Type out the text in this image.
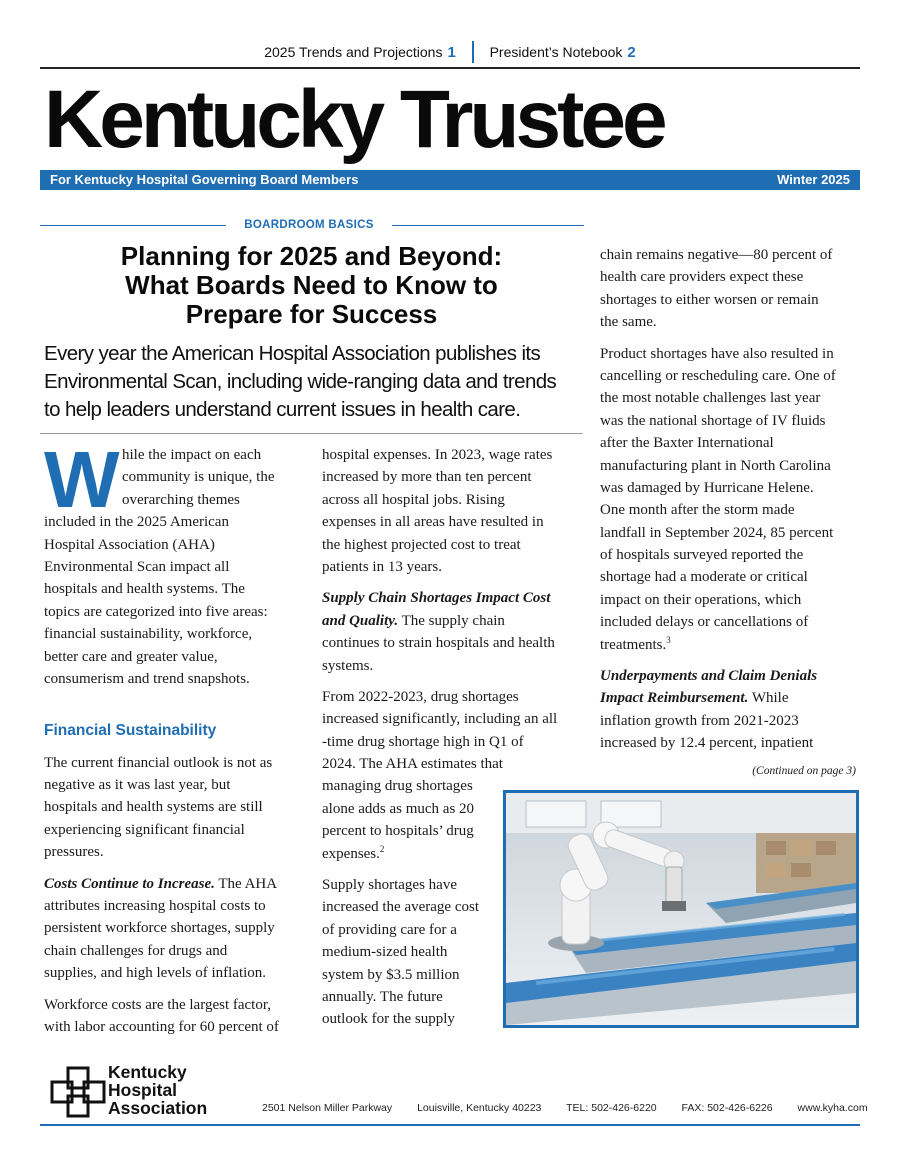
2025 Trends and Projections 1 President’s Notebook 2
Kentucky Trustee
For Kentucky Hospital Governing Board Members	Winter 2025
BOARDROOM BASICS
Planning for 2025 and Beyond:
What Boards Need to Know to
Prepare for Success
Every year the American Hospital Association publishes its
Environmental Scan, including wide-ranging data and trends
to help leaders understand current issues in health care.
W hile the impact on each
community is unique, the
overarching themes
included in the 2025 American
Hospital Association (AHA)
Environmental Scan impact all
hospitals and health systems. The
topics are categorized into five areas:
financial sustainability, workforce,
better care and greater value,
consumerism and trend snapshots.
Financial Sustainability
The current financial outlook is not as
negative as it was last year, but
hospitals and health systems are still
experiencing significant financial
pressures.
Costs Continue to Increase. The AHA
attributes increasing hospital costs to
persistent workforce shortages, supply
chain challenges for drugs and
supplies, and high levels of inflation.
Workforce costs are the largest factor,
with labor accounting for 60 percent of
hospital expenses. In 2023, wage rates
increased by more than ten percent
across all hospital jobs. Rising
expenses in all areas have resulted in
the highest projected cost to treat
patients in 13 years.
Supply Chain Shortages Impact Cost
and Quality. The supply chain
continues to strain hospitals and health
systems.
From 2022-2023, drug shortages
increased significantly, including an all
-time drug shortage high in Q1 of
2024. The AHA estimates that
managing drug shortages
alone adds as much as 20
percent to hospitals’ drug
expenses.$^2$
Supply shortages have
increased the average cost
of providing care for a
medium-sized health
system by $3.5 million
annually. The future
outlook for the supply
chain remains negative—80 percent of
health care providers expect these
shortages to either worsen or remain
the same.
Product shortages have also resulted in
cancelling or rescheduling care. One of
the most notable challenges last year
was the national shortage of IV fluids
after the Baxter International
manufacturing plant in North Carolina
was damaged by Hurricane Helene.
One month after the storm made
landfall in September 2024, 85 percent
of hospitals surveyed reported the
shortage had a moderate or critical
impact on their operations, which
included delays or cancellations of
treatments.$^3$
Underpayments and Claim Denials
Impact Reimbursement. While
inflation growth from 2021-2023
increased by 12.4 percent, inpatient
(Continued on page 3)
Kentucky
Hospital
Association	2501 Nelson Miller Parkway Louisville, Kentucky 40223 TEL: 502-426-6220 FAX: 502-426-6226 www.kyha.com
